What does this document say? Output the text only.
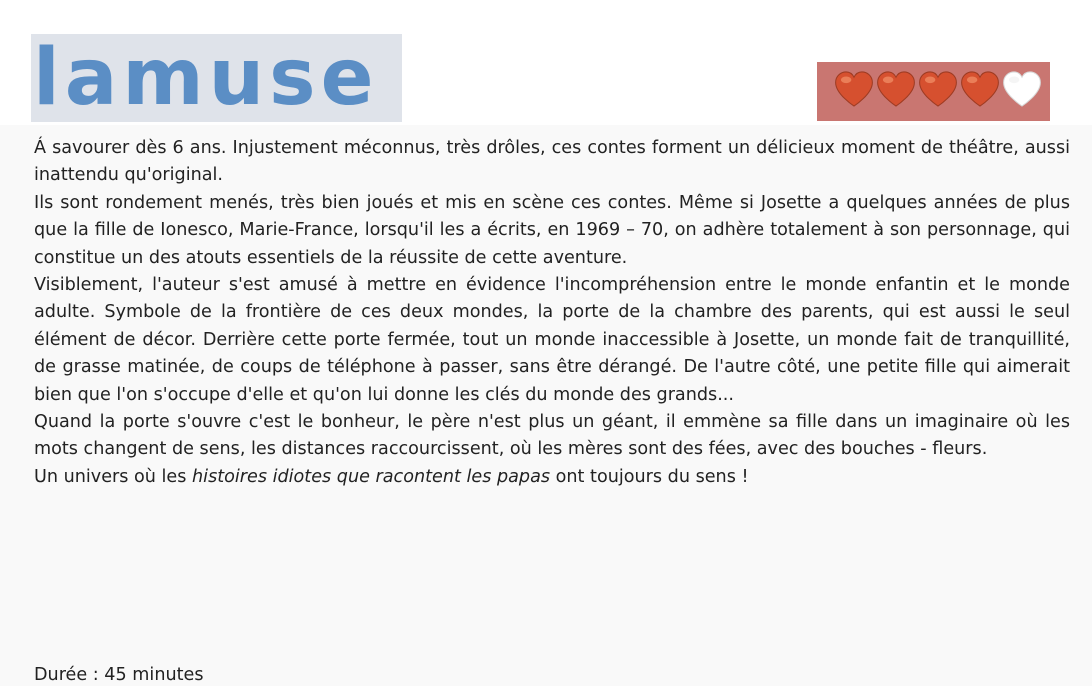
lamuse

Á savourer dès 6 ans. Injustement méconnus, très drôles, ces contes forment un délicieux moment de théâtre, aussi inattendu qu'original.

Ils sont rondement menés, très bien joués et mis en scène ces contes. Même si Josette a quelques années de plus que la fille de Ionesco, Marie-France, lorsqu'il les a écrits, en 1969 – 70, on adhère totalement à son personnage, qui constitue un des atouts essentiels de la réussite de cette aventure.

Visiblement, l'auteur s'est amusé à mettre en évidence l'incompréhension entre le monde enfantin et le monde adulte. Symbole de la frontière de ces deux mondes, la porte de la chambre des parents, qui est aussi le seul élément de décor. Derrière cette porte fermée, tout un monde inaccessible à Josette, un monde fait de tranquillité, de grasse matinée, de coups de téléphone à passer, sans être dérangé. De l'autre côté, une petite fille qui aimerait bien que l'on s'occupe d'elle et qu'on lui donne les clés du monde des grands...

Quand la porte s'ouvre c'est le bonheur, le père n'est plus un géant, il emmène sa fille dans un imaginaire où les mots changent de sens, les distances raccourcissent, où les mères sont des fées, avec des bouches - fleurs.

Un univers où les histoires idiotes que racontent les papas ont toujours du sens !

Durée : 45 minutes
